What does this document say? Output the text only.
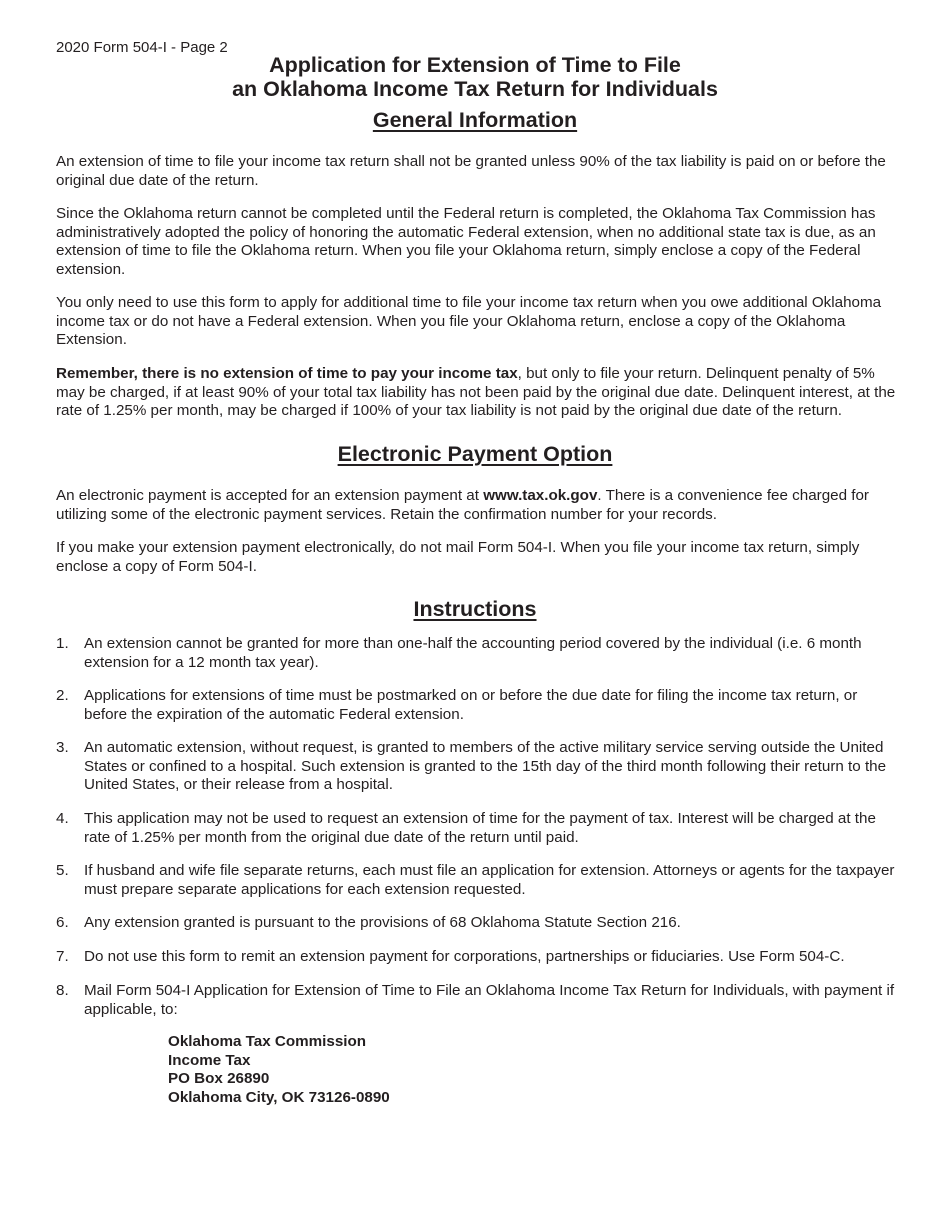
2020 Form 504-I - Page 2
Application for Extension of Time to File
an Oklahoma Income Tax Return for Individuals
General Information
An extension of time to file your income tax return shall not be granted unless 90% of the tax liability is paid on or before the original due date of the return.
Since the Oklahoma return cannot be completed until the Federal return is completed, the Oklahoma Tax Commission has administratively adopted the policy of honoring the automatic Federal extension, when no additional state tax is due, as an extension of time to file the Oklahoma return. When you file your Oklahoma return, simply enclose a copy of the Federal extension.
You only need to use this form to apply for additional time to file your income tax return when you owe additional Oklahoma income tax or do not have a Federal extension. When you file your Oklahoma return, enclose a copy of the Oklahoma Extension.
Remember, there is no extension of time to pay your income tax, but only to file your return. Delinquent penalty of 5% may be charged, if at least 90% of your total tax liability has not been paid by the original due date. Delinquent interest, at the rate of 1.25% per month, may be charged if 100% of your tax liability is not paid by the original due date of the return.
Electronic Payment Option
An electronic payment is accepted for an extension payment at www.tax.ok.gov. There is a convenience fee charged for utilizing some of the electronic payment services. Retain the confirmation number for your records.
If you make your extension payment electronically, do not mail Form 504-I. When you file your income tax return, simply enclose a copy of Form 504-I.
Instructions
1.	An extension cannot be granted for more than one-half the accounting period covered by the individual (i.e. 6 month extension for a 12 month tax year).
2.	Applications for extensions of time must be postmarked on or before the due date for filing the income tax return, or before the expiration of the automatic Federal extension.
3.	An automatic extension, without request, is granted to members of the active military service serving outside the United States or confined to a hospital. Such extension is granted to the 15th day of the third month following their return to the United States, or their release from a hospital.
4.	This application may not be used to request an extension of time for the payment of tax. Interest will be charged at the rate of 1.25% per month from the original due date of the return until paid.
5.	If husband and wife file separate returns, each must file an application for extension. Attorneys or agents for the taxpayer must prepare separate applications for each extension requested.
6.	Any extension granted is pursuant to the provisions of 68 Oklahoma Statute Section 216.
7.	Do not use this form to remit an extension payment for corporations, partnerships or fiduciaries. Use Form 504-C.
8.	Mail Form 504-I Application for Extension of Time to File an Oklahoma Income Tax Return for Individuals, with payment if applicable, to:
Oklahoma Tax Commission
Income Tax
PO Box 26890
Oklahoma City, OK 73126-0890
